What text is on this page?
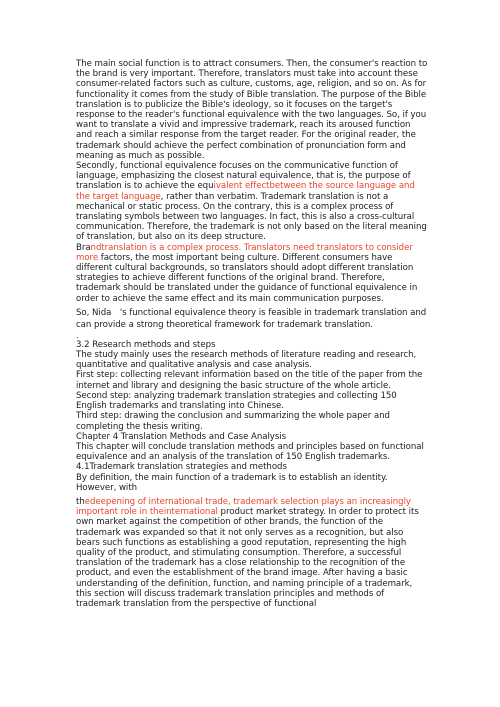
The main social function is to attract consumers. Then, the consumer's reaction to the brand is very important. Therefore, translators must take into account these consumer-related factors such as culture, customs, age, religion, and so on. As for functionality it comes from the study of Bible translation. The purpose of the Bible translation is to publicize the Bible's ideology, so it focuses on the target's response to the reader's functional equivalence with the two languages. So, if you want to translate a vivid and impressive trademark, reach its aroused function and reach a similar response from the target reader. For the original reader, the trademark should achieve the perfect combination of pronunciation form and meaning as much as possible.

Secondly, functional equivalence focuses on the communicative function of language, emphasizing the closest natural equivalence, that is, the purpose of translation is to achieve the equivalent effectbetween the source language and the target language, rather than verbatim. Trademark translation is not a mechanical or static process. On the contrary, this is a complex process of translating symbols between two languages. In fact, this is also a cross-cultural communication. Therefore, the trademark is not only based on the literal meaning of translation, but also on its deep structure.

Brandtranslation is a complex process. Translators need translators to consider more factors, the most important being culture. Different consumers have different cultural backgrounds, so translators should adopt different translation strategies to achieve different functions of the original brand. Therefore, trademark should be translated under the guidance of functional equivalence in order to achieve the same effect and its main communication purposes.

So, Nida　's functional equivalence theory is feasible in trademark translation and can provide a strong theoretical framework for trademark translation.

.

3.2 Research methods and steps

The study mainly uses the research methods of literature reading and research, quantitative and qualitative analysis and case analysis.

First step: collecting relevant information based on the title of the paper from the internet and library and designing the basic structure of the whole article.

Second step: analyzing trademark translation strategies and collecting 150 English trademarks and translating into Chinese.

Third step: drawing the conclusion and summarizing the whole paper and completing the thesis writing.

Chapter 4 Translation Methods and Case Analysis

This chapter will conclude translation methods and principles based on functional equivalence and an analysis of the translation of 150 English trademarks.

4.1Trademark translation strategies and methods

By definition, the main function of a trademark is to establish an identity. However, with

thedeepening of international trade, trademark selection plays an increasingly important role in theinternational product market strategy. In order to protect its own market against the competition of other brands, the function of the trademark was expanded so that it not only serves as a recognition, but also bears such functions as establishing a good reputation, representing the high quality of the product, and stimulating consumption. Therefore, a successful translation of the trademark has a close relationship to the recognition of the product, and even the establishment of the brand image. After having a basic understanding of the definition, function, and naming principle of a trademark, this section will discuss trademark translation principles and methods of trademark translation from the perspective of functional
